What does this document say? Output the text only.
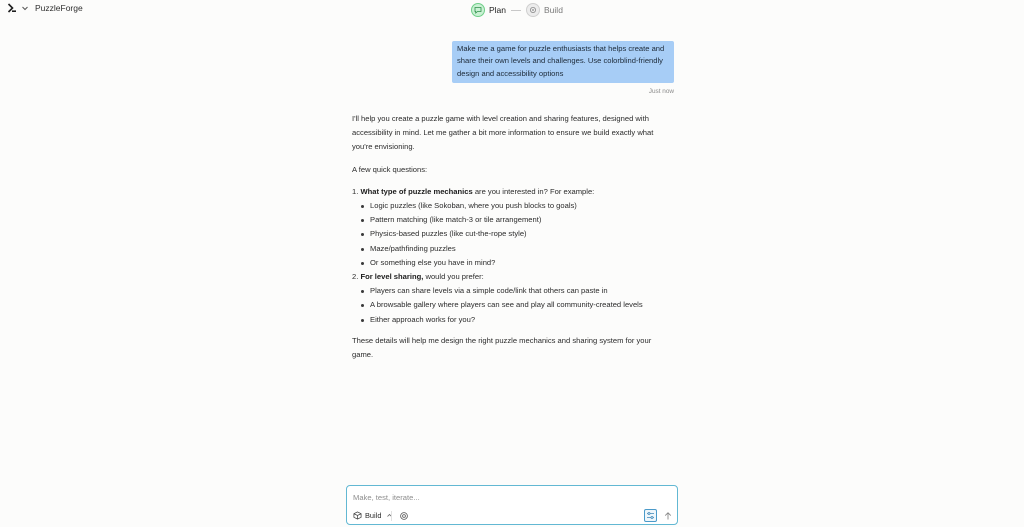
PuzzleForge	Plan	Build
Make me a game for puzzle enthusiasts that helps create and share their own levels and challenges. Use colorblind-friendly design and accessibility options
Just now

I'll help you create a puzzle game with level creation and sharing features, designed with accessibility in mind. Let me gather a bit more information to ensure we build exactly what you're envisioning.

A few quick questions:

1. What type of puzzle mechanics are you interested in? For example:
Logic puzzles (like Sokoban, where you push blocks to goals)
Pattern matching (like match-3 or tile arrangement)
Physics-based puzzles (like cut-the-rope style)
Maze/pathfinding puzzles
Or something else you have in mind?
2. For level sharing, would you prefer:
Players can share levels via a simple code/link that others can paste in
A browsable gallery where players can see and play all community-created levels
Either approach works for you?

These details will help me design the right puzzle mechanics and sharing system for your game.

Make, test, iterate...
Build
